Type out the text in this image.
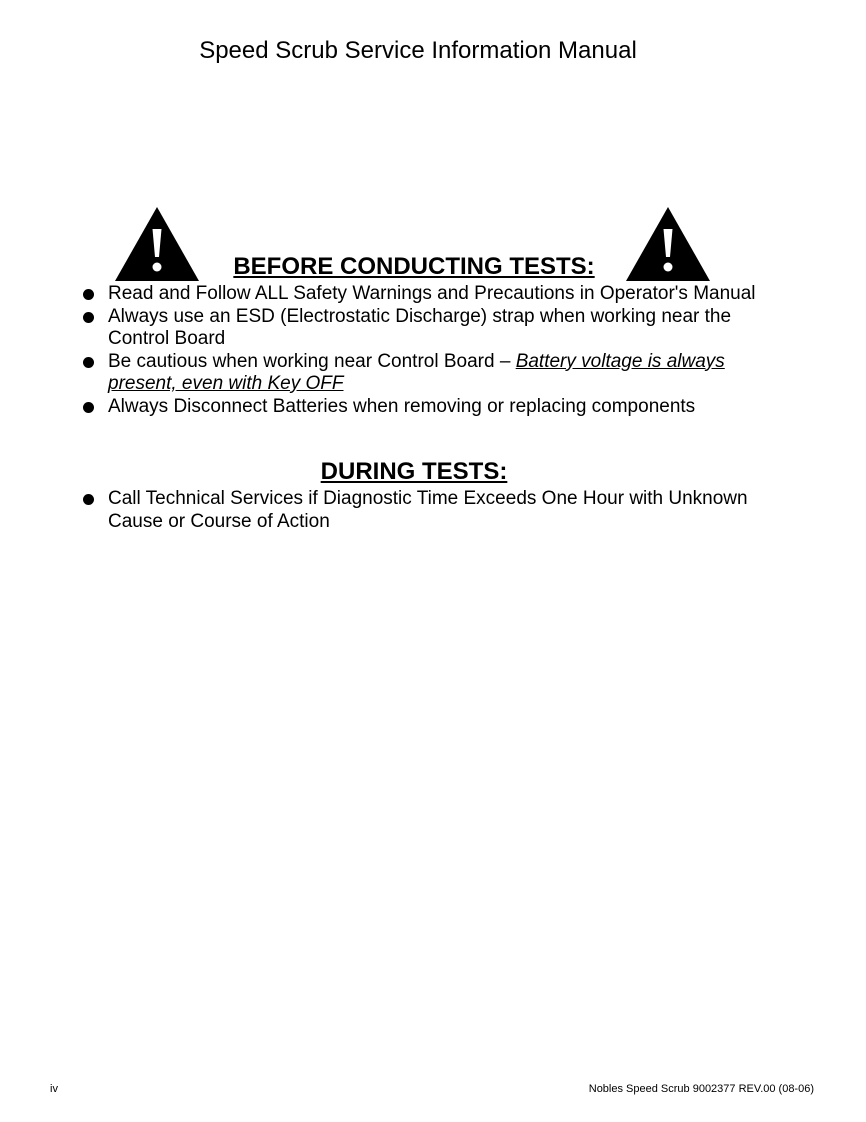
Speed Scrub Service Information Manual
BEFORE CONDUCTING TESTS:
Read and Follow ALL Safety Warnings and Precautions in Operator's Manual
Always use an ESD (Electrostatic Discharge) strap when working near the Control Board
Be cautious when working near Control Board – Battery voltage is always present, even with Key OFF
Always Disconnect Batteries when removing or replacing components
DURING TESTS:
Call Technical Services if Diagnostic Time Exceeds One Hour with Unknown Cause or Course of Action
iv	Nobles Speed Scrub 9002377 REV.00 (08-06)
